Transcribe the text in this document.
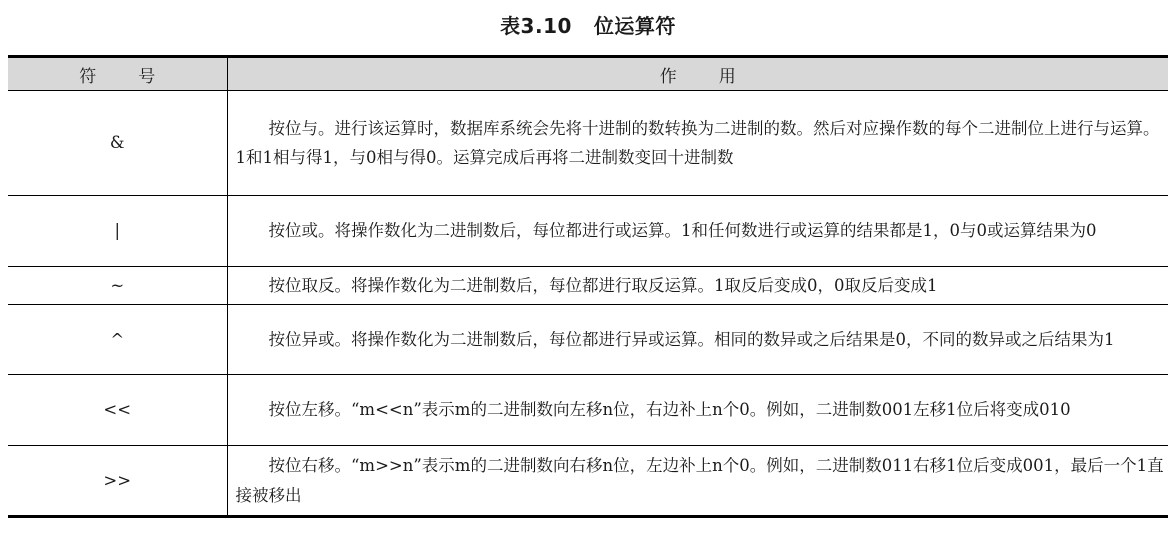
表3.10 位运算符
符 号	作 用
&	按位与。进行该运算时，数据库系统会先将十进制的数转换为二进制的数。然后对应操作数的每个二进制位上进行与运算。1和1相与得1，与0相与得0。运算完成后再将二进制数变回十进制数

|	按位或。将操作数化为二进制数后，每位都进行或运算。1和任何数进行或运算的结果都是1，0与0或运算结果为0

~	按位取反。将操作数化为二进制数后，每位都进行取反运算。1取反后变成0，0取反后变成1

^	按位异或。将操作数化为二进制数后，每位都进行异或运算。相同的数异或之后结果是0，不同的数异或之后结果为1

<<	按位左移。“m<<n”表示m的二进制数向左移n位，右边补上n个0。例如，二进制数001左移1位后将变成010

>>	按位右移。“m>>n”表示m的二进制数向右移n位，左边补上n个0。例如，二进制数011右移1位后变成001，最后一个1直接被移出
